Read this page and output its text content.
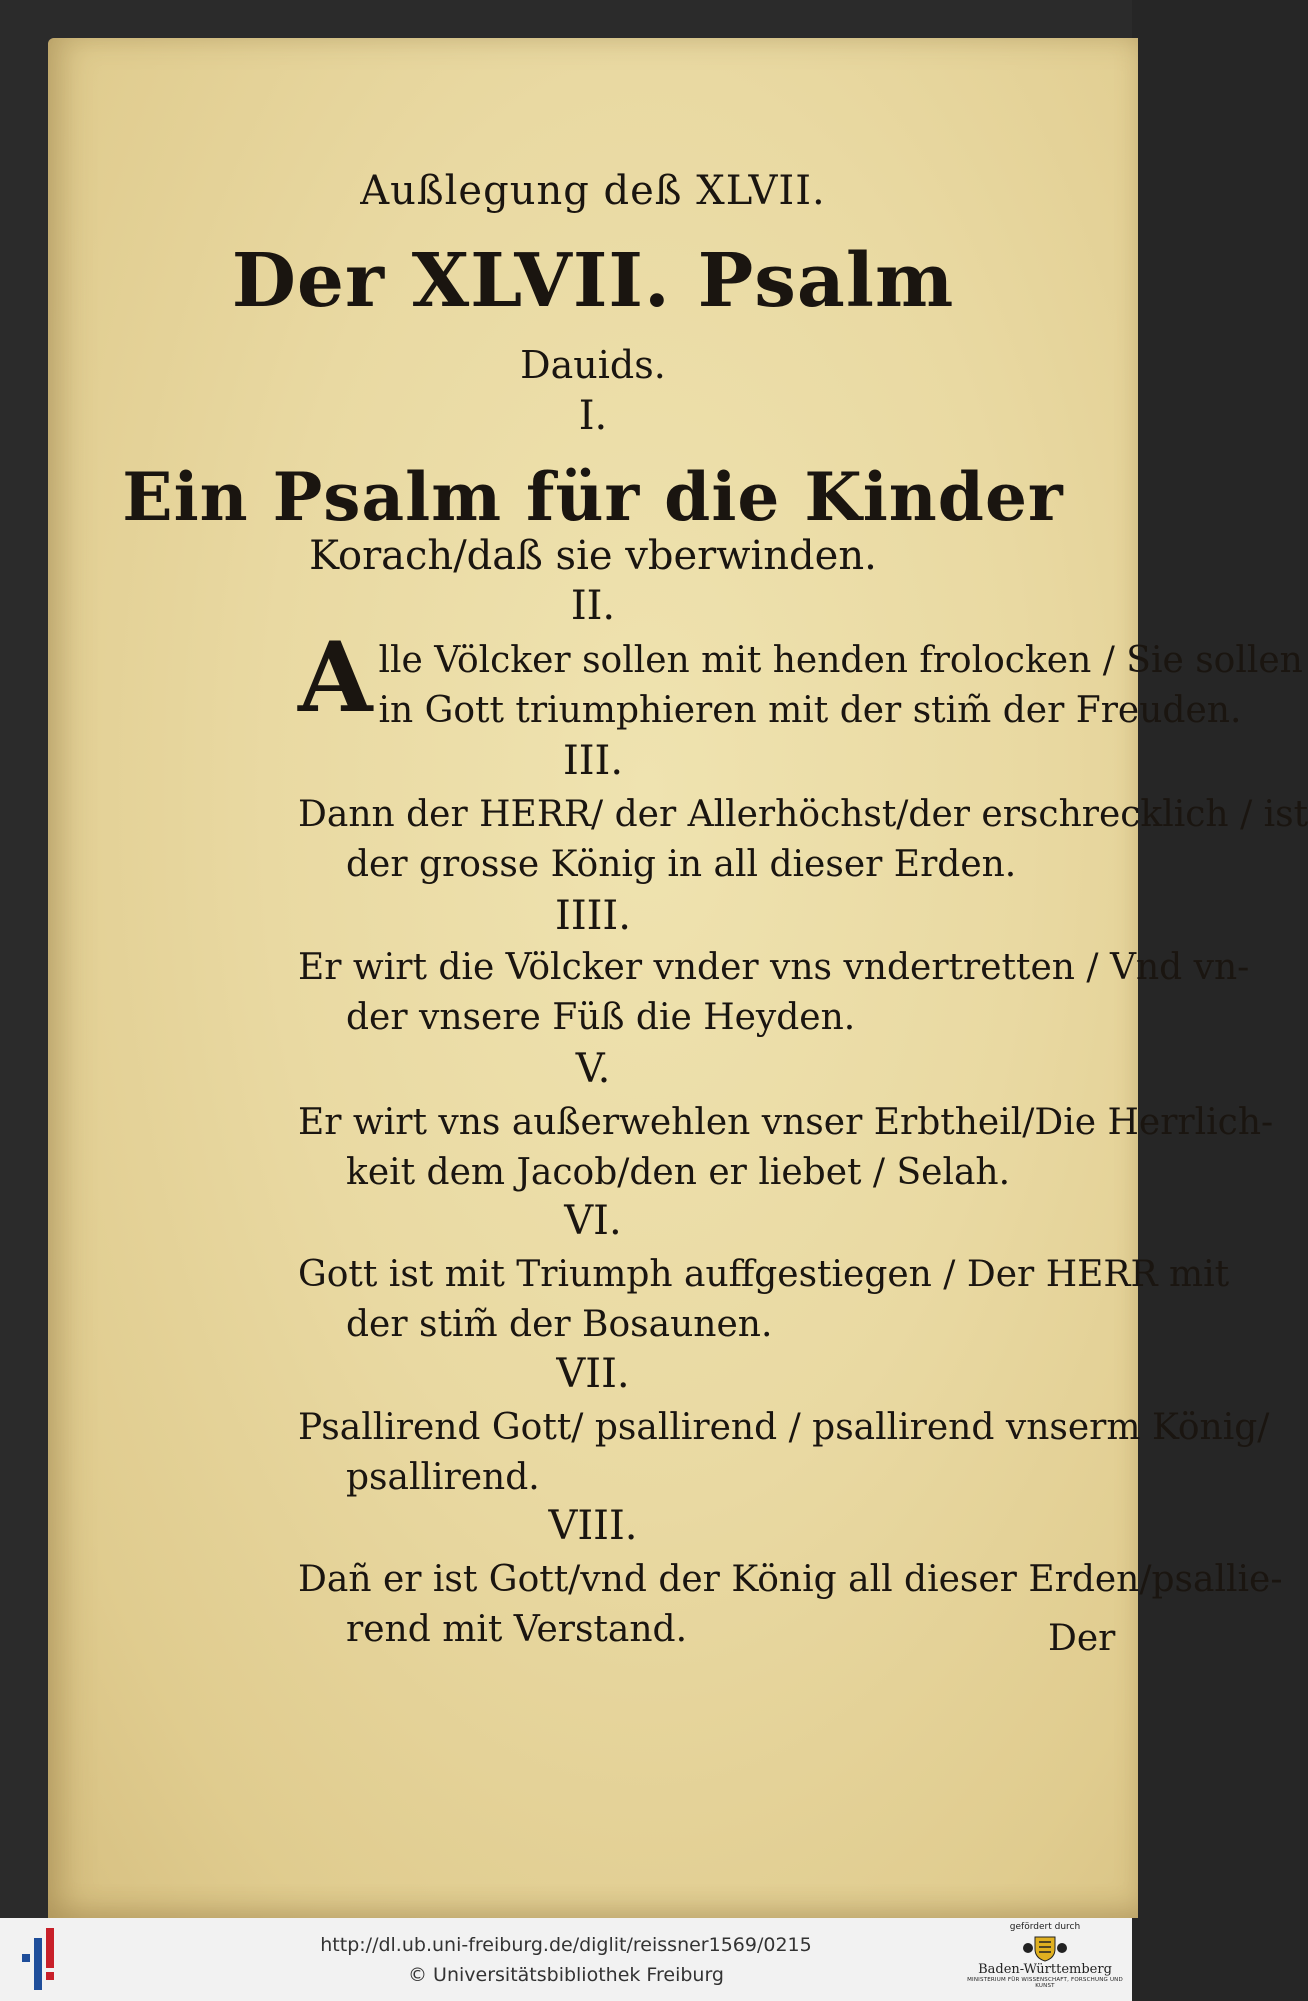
Außlegung deß XLVII.
Der XLVII. Psalm
Dauids.
I.
Ein Psalm für die Kinder
Korach/daß sie vberwinden.
II.
A lle Völcker sollen mit henden frolocken / Sie sollen
in Gott triumphieren mit der stim̃ der Freuden.
III.
Dann der HERR/ der Allerhöchst/der erschrecklich / ist
der grosse König in all dieser Erden.
IIII.
Er wirt die Völcker vnder vns vndertretten / Vnd vn-
der vnsere Füß die Heyden.
V.
Er wirt vns außerwehlen vnser Erbtheil/Die Herrlich-
keit dem Jacob/den er liebet / Selah.
VI.
Gott ist mit Triumph auffgestiegen / Der HERR mit
der stim̃ der Bosaunen.
VII.
Psallirend Gott/ psallirend / psallirend vnserm König/
psallirend.
VIII.
Dañ er ist Gott/vnd der König all dieser Erden/psallie-
rend mit Verstand.	Der
http://dl.ub.uni-freiburg.de/diglit/reissner1569/0215
© Universitätsbibliothek Freiburg
gefördert durch
Baden-Württemberg
MINISTERIUM FÜR WISSENSCHAFT, FORSCHUNG UND KUNST
